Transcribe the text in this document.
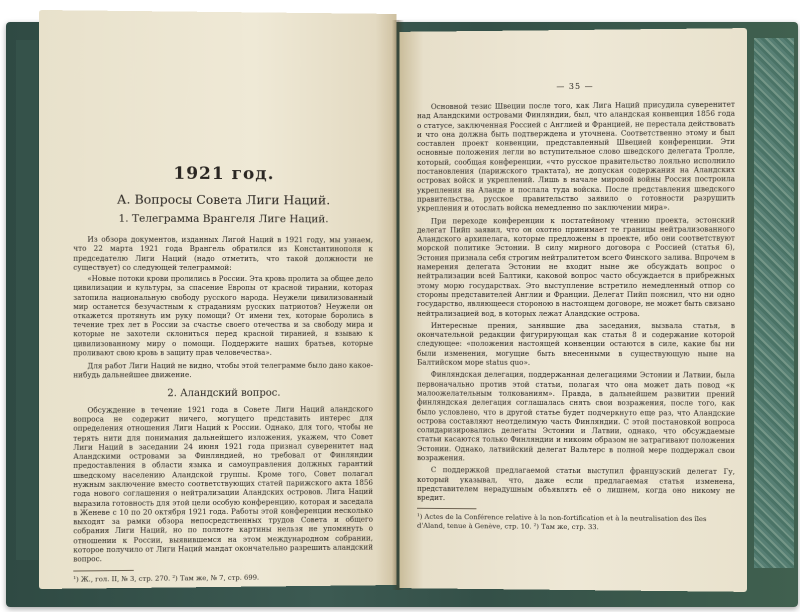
1921 год.
А. Вопросы Совета Лиги Наций.
1. Телеграмма Врангеля Лиге Наций.

Из обзора документов, изданных Лигой Наций в 1921 году, мы узнаем, что 22 марта 1921 года Врангель обратился из Константинополя к председателю Лиги Наций (надо отметить, что такой должности не существует) со следующей телеграммой:

«Новые потоки крови пролились в России. Эта кровь пролита за общее дело цивилизации и культуры, за спасение Европы от красной тирании, которая затопила национальную свободу русского народа. Неужели цивилизованный мир останется безучастным к страданиям русских патриотов? Неужели он откажется протянуть им руку помощи? От имени тех, которые боролись в течение трех лет в России за счастье своего отечества и за свободу мира и которые не захотели склониться перед красной тиранией, я взываю к цивилизованному миру о помощи. Поддержите наших братьев, которые проливают свою кровь в защиту прав человечества».

Для работ Лиги Наций не видно, чтобы этой телеграмме было дано какое-нибудь дальнейшее движение.

2. Аландский вопрос.

Обсуждение в течение 1921 года в Совете Лиги Наций аландского вопроса не содержит ничего, могущего представить интерес для определения отношения Лиги Наций к России. Однако, для того, чтобы не терять нити для понимания дальнейшего изложения, укажем, что Совет Лиги Наций в заседании 24 июня 1921 года признал суверенитет над Аландскими островами за Финляндией, но требовал от Финляндии предоставления в области языка и самоуправления должных гарантий шведскому населению Аландской группы. Кроме того, Совет полагал нужным заключение вместо соответствующих статей парижского акта 1856 года нового соглашения о нейтрализации Аландских островов. Лига Наций выразила готовность для этой цели особую конференцию, которая и заседала в Женеве с 10 по 20 октября 1921 года. Работы этой конференции несколько выходят за рамки обзора непосредственных трудов Совета и общего собрания Лиги Наций, но по полноте картины нельзя не упомянуть о отношении к России, выявившемся на этом международном собрании, которое получило от Лиги Наций мандат окончательно разрешить аландский вопрос.

¹) Ж., гол. II, № 3, стр. 270. ²) Там же, № 7, стр. 699.
— 35 —

Основной тезис Швеции после того, как Лига Наций присудила суверенитет над Аландскими островами Финляндии, был, что аландская конвенция 1856 года о статусе, заключенная Россией с Англией и Францией, не перестала действовать и что она должна быть подтверждена и уточнена. Соответственно этому и был составлен проект конвенции, представленный Швецией конференции. Эти основные положения легли во вступительное слово шведского делегата Тролле, который, сообщая конференции, «что русское правительство лояльно исполнило постановления (парижского трактата), не допуская содержания на Аландских островах войск и укреплений. Лишь в начале мировой войны Россия построила укрепления на Аланде и послала туда войска. После представления шведского правительства, русское правительство заявило о готовности разрушить укрепления и отослать войска немедленно по заключении мира».

При переходе конференции к постатейному чтению проекта, эстонский делегат Пийп заявил, что он охотно принимает те границы нейтрализованного Аландского архипелага, которые предложены в проекте, ибо они соответствуют морской политике Эстонии. В силу мирного договора с Россией (статья 6), Эстония признала себя строгим нейтралитетом всего Финского залива. Впрочем в намерения делегата Эстонии не входит ныне же обсуждать вопрос о нейтрализации всей Балтики, каковой вопрос часто обсуждается в прибрежных этому морю государствах. Это выступление встретило немедленный отпор со стороны представителей Англии и Франции. Делегат Пийп пояснил, что ни одно государство, являющееся стороною в настоящем договоре, не может быть связано нейтрализацией вод, в которых лежат Аландские острова.

Интересные прения, занявшие два заседания, вызвала статья, в окончательной редакции фигурирующая как статья 8 и содержание которой следующее: «положения настоящей конвенции остаются в силе, какие бы ни были изменения, могущие быть внесенными в существующую ныне на Балтийском море status quo».

Финляндская делегация, поддержанная делегациями Эстонии и Латвии, была первоначально против этой статьи, полагая что она может дать повод «к малоожелательным толкованиям». Правда, в дальнейшем развитии прений финляндская делегация соглашалась снять свои возражения, после того, как было условлено, что в другой статье будет подчеркнуто еще раз, что Аландские острова составляют неотделимую часть Финляндии. С этой постановкой вопроса солидаризировались делегаты Эстонии и Латвии, однако, что обсуждаемые статьи касаются только Финляндии и никоим образом не затрагивают положения Эстонии. Однако, латвийский делегат Вальтерс в полной мере поддержал свои возражения.

С поддержкой предлагаемой статьи выступил французский делегат Гу, который указывал, что, даже если предлагаемая статья изменена, представителем нерадушным объявлять её о лишнем, когда оно никому не вредит.

¹) Actes de la Conférence relative à la non-fortification et à la neutralisation des îles d'Aland, tenue à Genève, стр. 10. ²) Там же, стр. 33.
